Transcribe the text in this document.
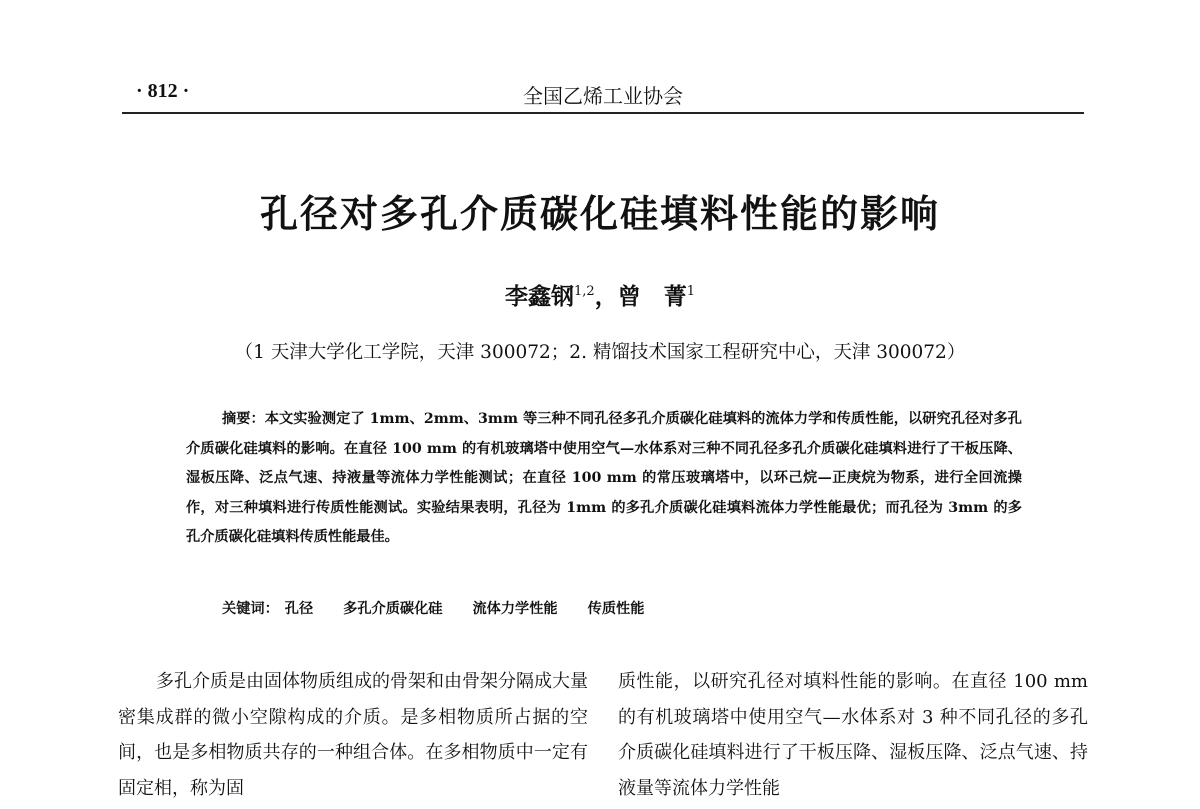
· 812 ·	全国乙烯工业协会
孔径对多孔介质碳化硅填料性能的影响
李鑫钢$^{1,2}$，曾　菁$^1$
（1 天津大学化工学院，天津 300072；2. 精馏技术国家工程研究中心，天津 300072）
摘要：本文实验测定了 1mm、2mm、3mm 等三种不同孔径多孔介质碳化硅填料的流体力学和传质性能，以研究孔径对多孔介质碳化硅填料的影响。在直径 100 mm 的有机玻璃塔中使用空气—水体系对三种不同孔径多孔介质碳化硅填料进行了干板压降、湿板压降、泛点气速、持液量等流体力学性能测试；在直径 100 mm 的常压玻璃塔中，以环己烷—正庚烷为物系，进行全回流操作，对三种填料进行传质性能测试。实验结果表明，孔径为 1mm 的多孔介质碳化硅填料流体力学性能最优；而孔径为 3mm 的多孔介质碳化硅填料传质性能最佳。
关键词： 孔径 多孔介质碳化硅 流体力学性能 传质性能
多孔介质是由固体物质组成的骨架和由骨架分隔成大量密集成群的微小空隙构成的介质。是多相物质所占据的空间，也是多相物质共存的一种组合体。在多相物质中一定有固定相，称为固
质性能，以研究孔径对填料性能的影响。在直径 100 mm 的有机玻璃塔中使用空气—水体系对 3 种不同孔径的多孔介质碳化硅填料进行了干板压降、湿板压降、泛点气速、持液量等流体力学性能
